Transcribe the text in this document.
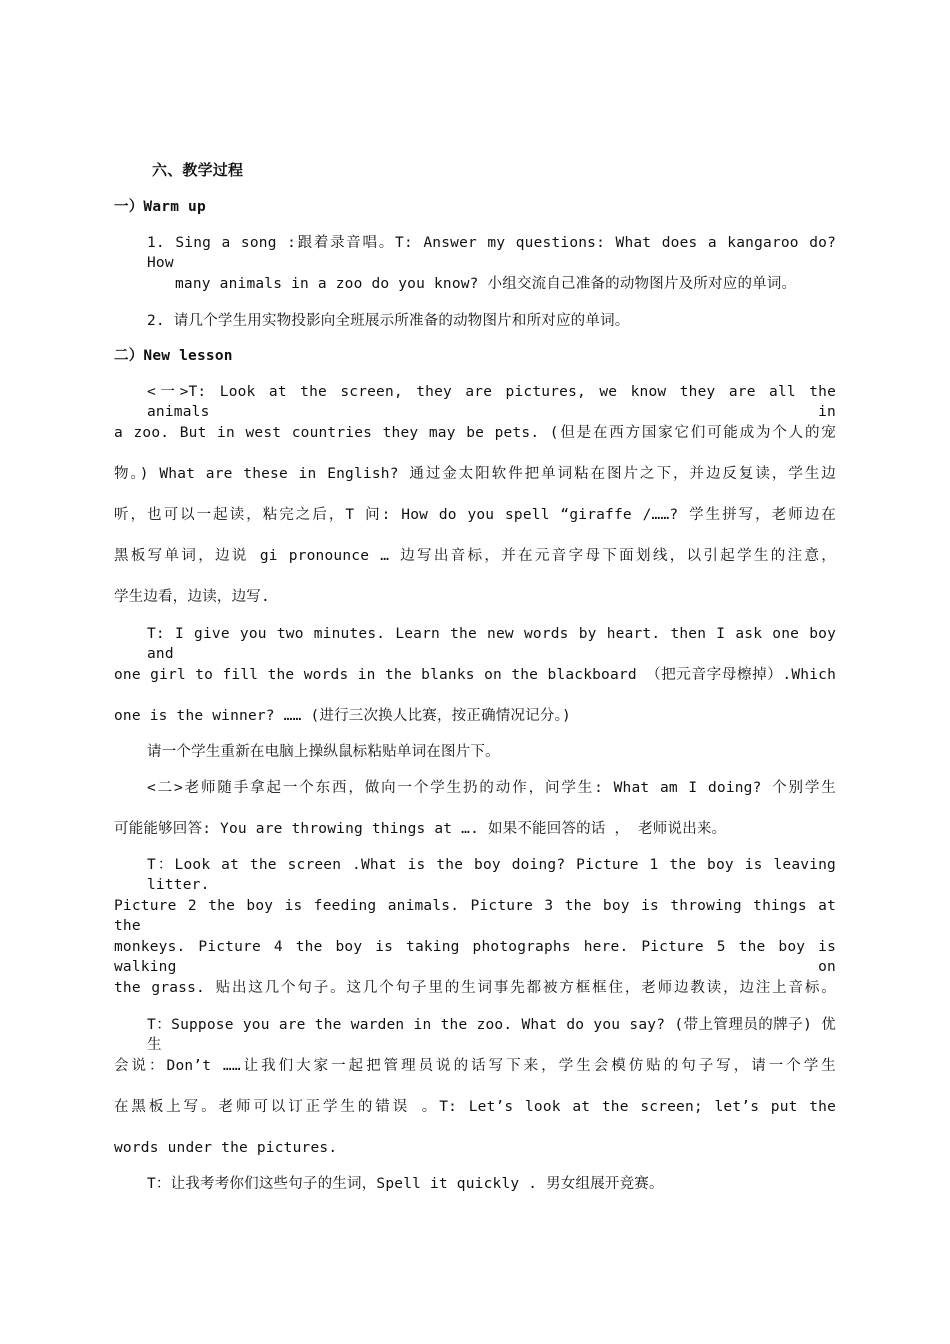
六、教学过程
一）Warm up
1. Sing a song :跟着录音唱。T: Answer my questions: What does a kangaroo do? How
many animals in a zoo do you know? 小组交流自己准备的动物图片及所对应的单词。
2. 请几个学生用实物投影向全班展示所准备的动物图片和所对应的单词。
二）New lesson
<一>T: Look at the screen, they are pictures, we know they are all the animals in
a zoo. But in west countries they may be pets. (但是在西方国家它们可能成为个人的宠
物。) What are these in English? 通过金太阳软件把单词粘在图片之下，并边反复读，学生边
听，也可以一起读，粘完之后，T 问: How do you spell “giraffe /……? 学生拼写，老师边在
黑板写单词，边说 gi pronounce … 边写出音标，并在元音字母下面划线，以引起学生的注意，
学生边看，边读，边写.
T: I give you two minutes. Learn the new words by heart. then I ask one boy and
one girl to fill the words in the blanks on the blackboard （把元音字母檫掉）.Which
one is the winner? …… (进行三次换人比赛，按正确情况记分。)
请一个学生重新在电脑上操纵鼠标粘贴单词在图片下。
<二>老师随手拿起一个东西，做向一个学生扔的动作，问学生: What am I doing? 个别学生
可能能够回答: You are throwing things at …. 如果不能回答的话 ， 老师说出来。
T：Look at the screen .What is the boy doing? Picture 1 the boy is leaving litter.
Picture 2 the boy is feeding animals. Picture 3 the boy is throwing things at the
monkeys. Picture 4 the boy is taking photographs here. Picture 5 the boy is walking on
the grass. 贴出这几个句子。这几个句子里的生词事先都被方框框住，老师边教读，边注上音标。
T：Suppose you are the warden in the zoo. What do you say? (带上管理员的牌子) 优生
会说：Don’t ……让我们大家一起把管理员说的话写下来，学生会模仿贴的句子写，请一个学生
在黑板上写。老师可以订正学生的错误 。T: Let’s look at the screen; let’s put the
words under the pictures.
T：让我考考你们这些句子的生词，Spell it quickly . 男女组展开竞赛。
